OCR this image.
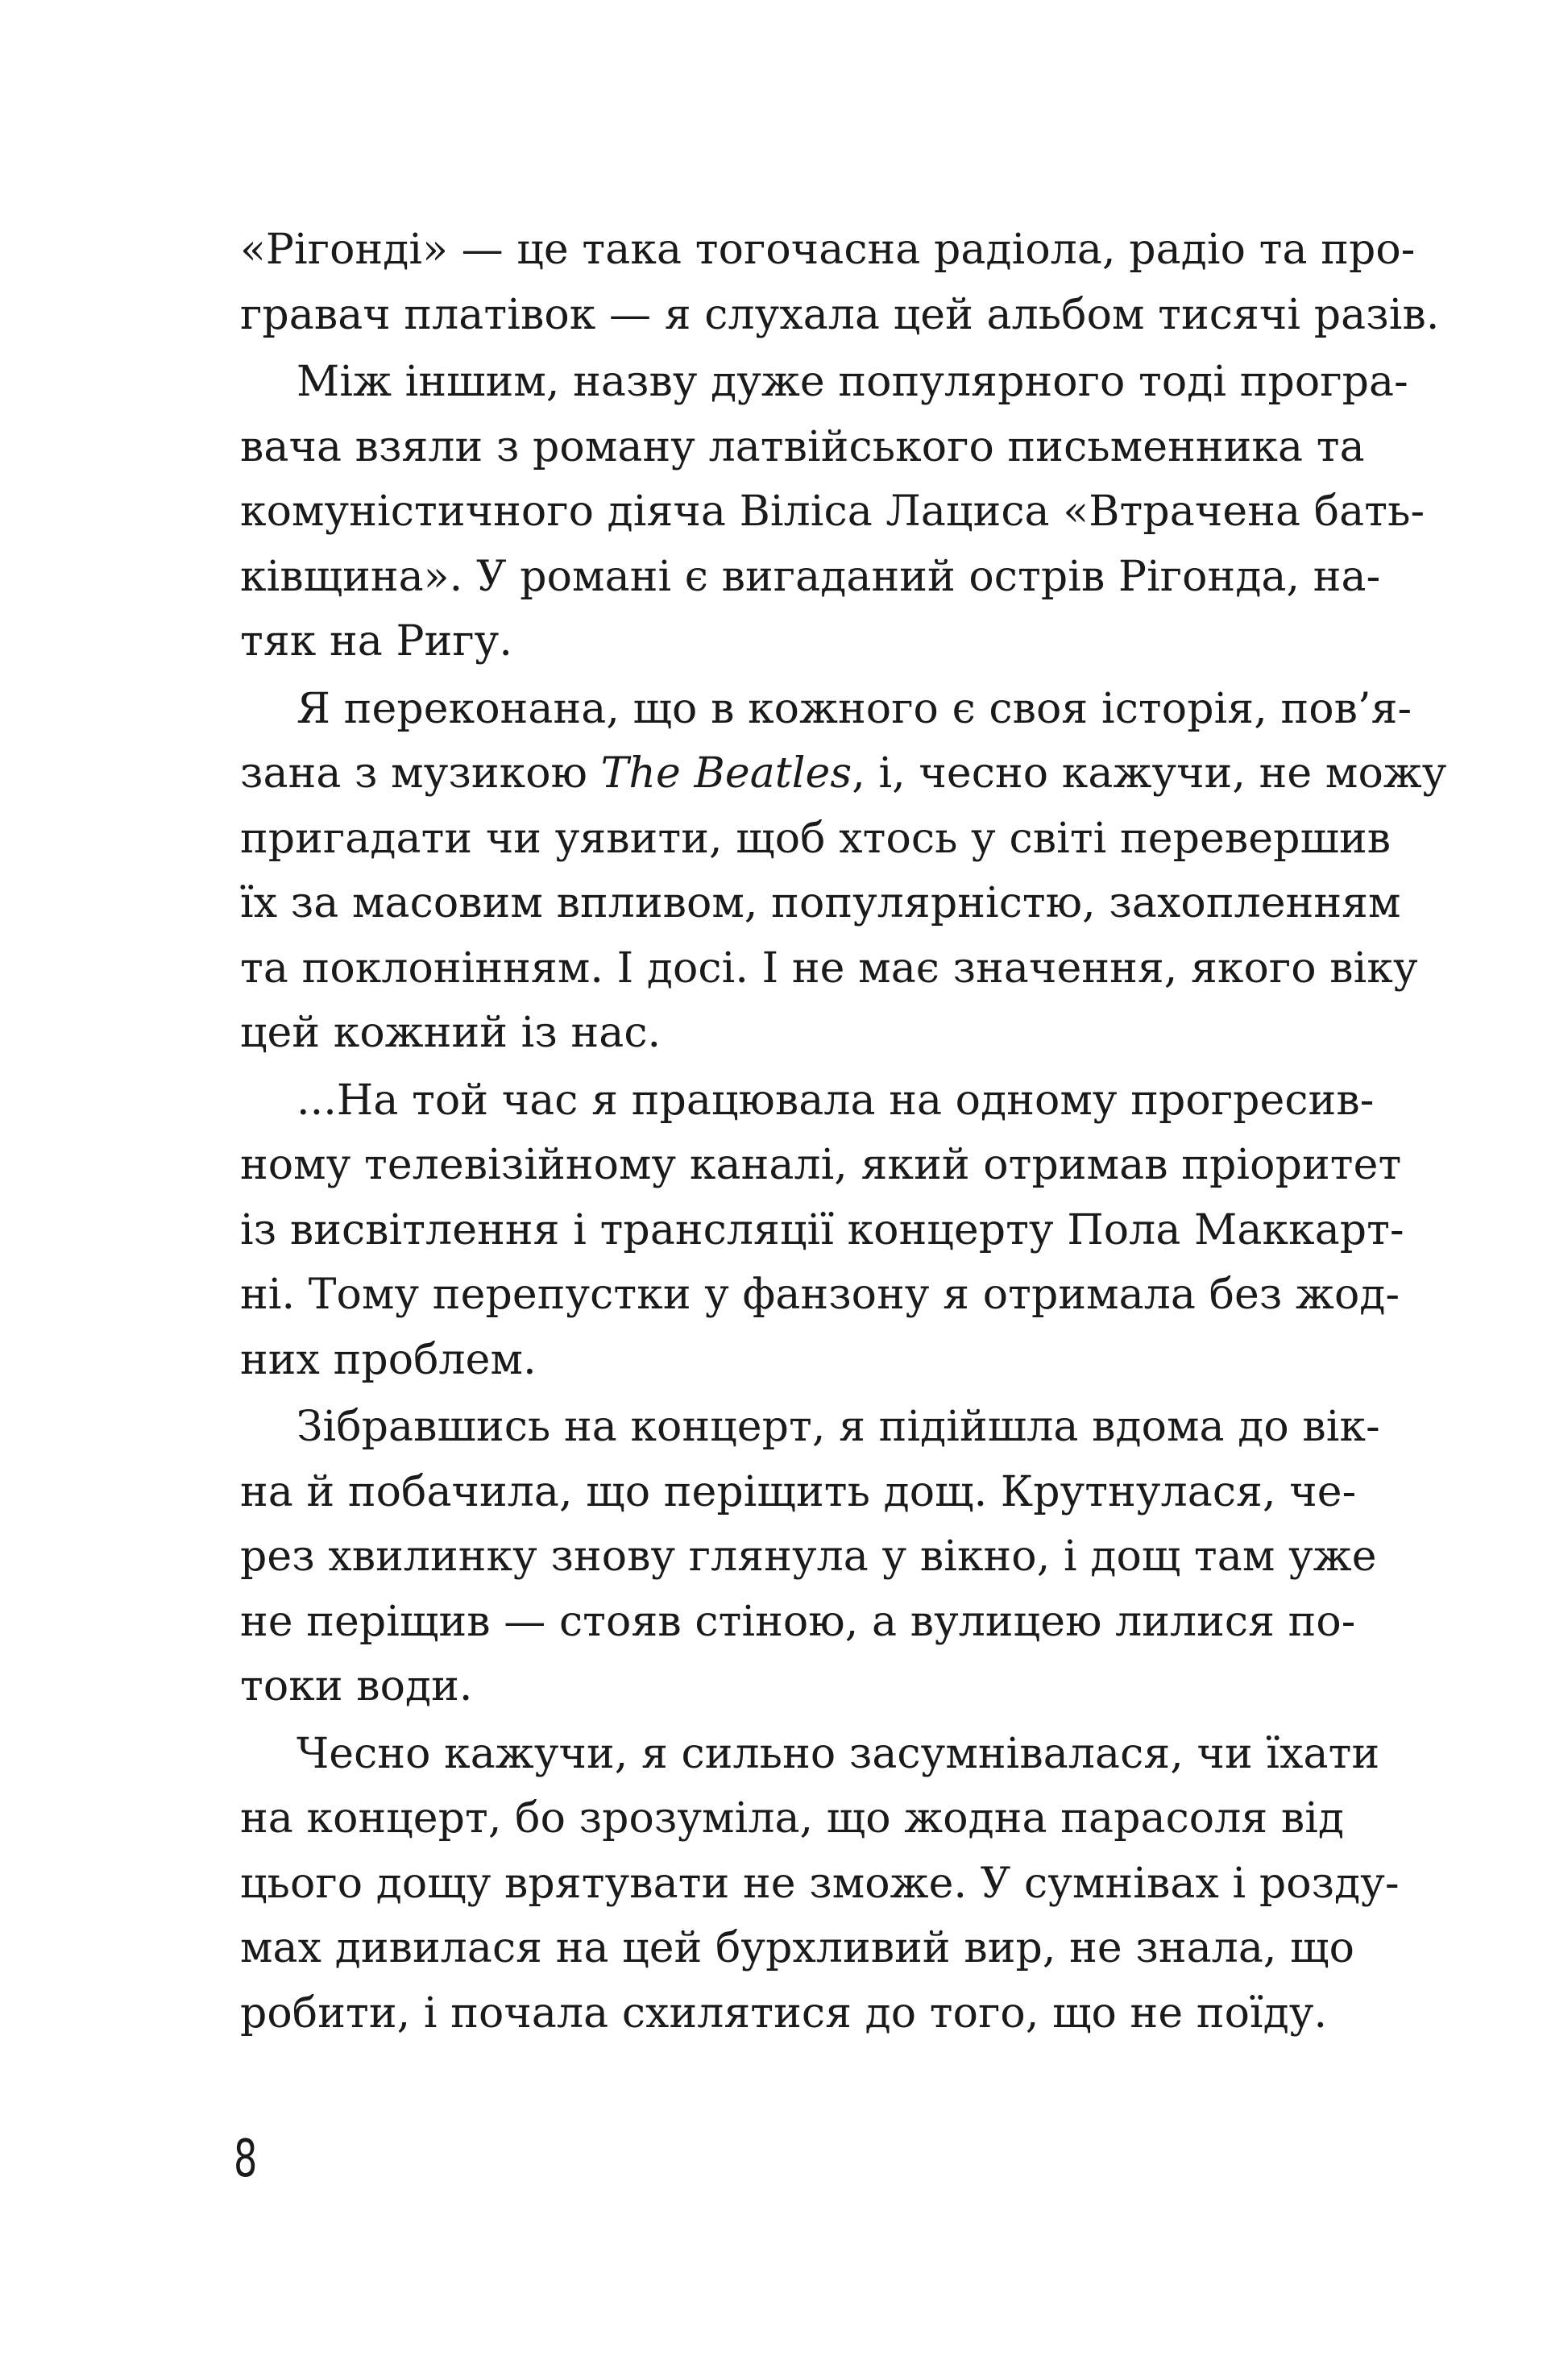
«Рігонді» — це така тогочасна радіола, радіо та про-
гравач платівок — я слухала цей альбом тисячі разів.
Між іншим, назву дуже популярного тоді програ-
вача взяли з роману латвійського письменника та
комуністичного діяча Віліса Лациса «Втрачена бать-
ківщина». У романі є вигаданий острів Рігонда, на-
тяк на Ригу.
Я переконана, що в кожного є своя історія, пов’я-
зана з музикою The Beatles, і, чесно кажучи, не можу
пригадати чи уявити, щоб хтось у світі перевершив
їх за масовим впливом, популярністю, захопленням
та поклонінням. І досі. І не має значення, якого віку
цей кожний із нас.
...На той час я працювала на одному прогресив-
ному телевізійному каналі, який отримав пріоритет
із висвітлення і трансляції концерту Пола Маккарт-
ні. Тому перепустки у фанзону я отримала без жод-
них проблем.
Зібравшись на концерт, я підійшла вдома до вік-
на й побачила, що періщить дощ. Крутнулася, че-
рез хвилинку знову глянула у вікно, і дощ там уже
не періщив — стояв стіною, а вулицею лилися по-
токи води.
Чесно кажучи, я сильно засумнівалася, чи їхати
на концерт, бо зрозуміла, що жодна парасоля від
цього дощу врятувати не зможе. У сумнівах і розду-
мах дивилася на цей бурхливий вир, не знала, що
робити, і почала схилятися до того, що не поїду.
8
